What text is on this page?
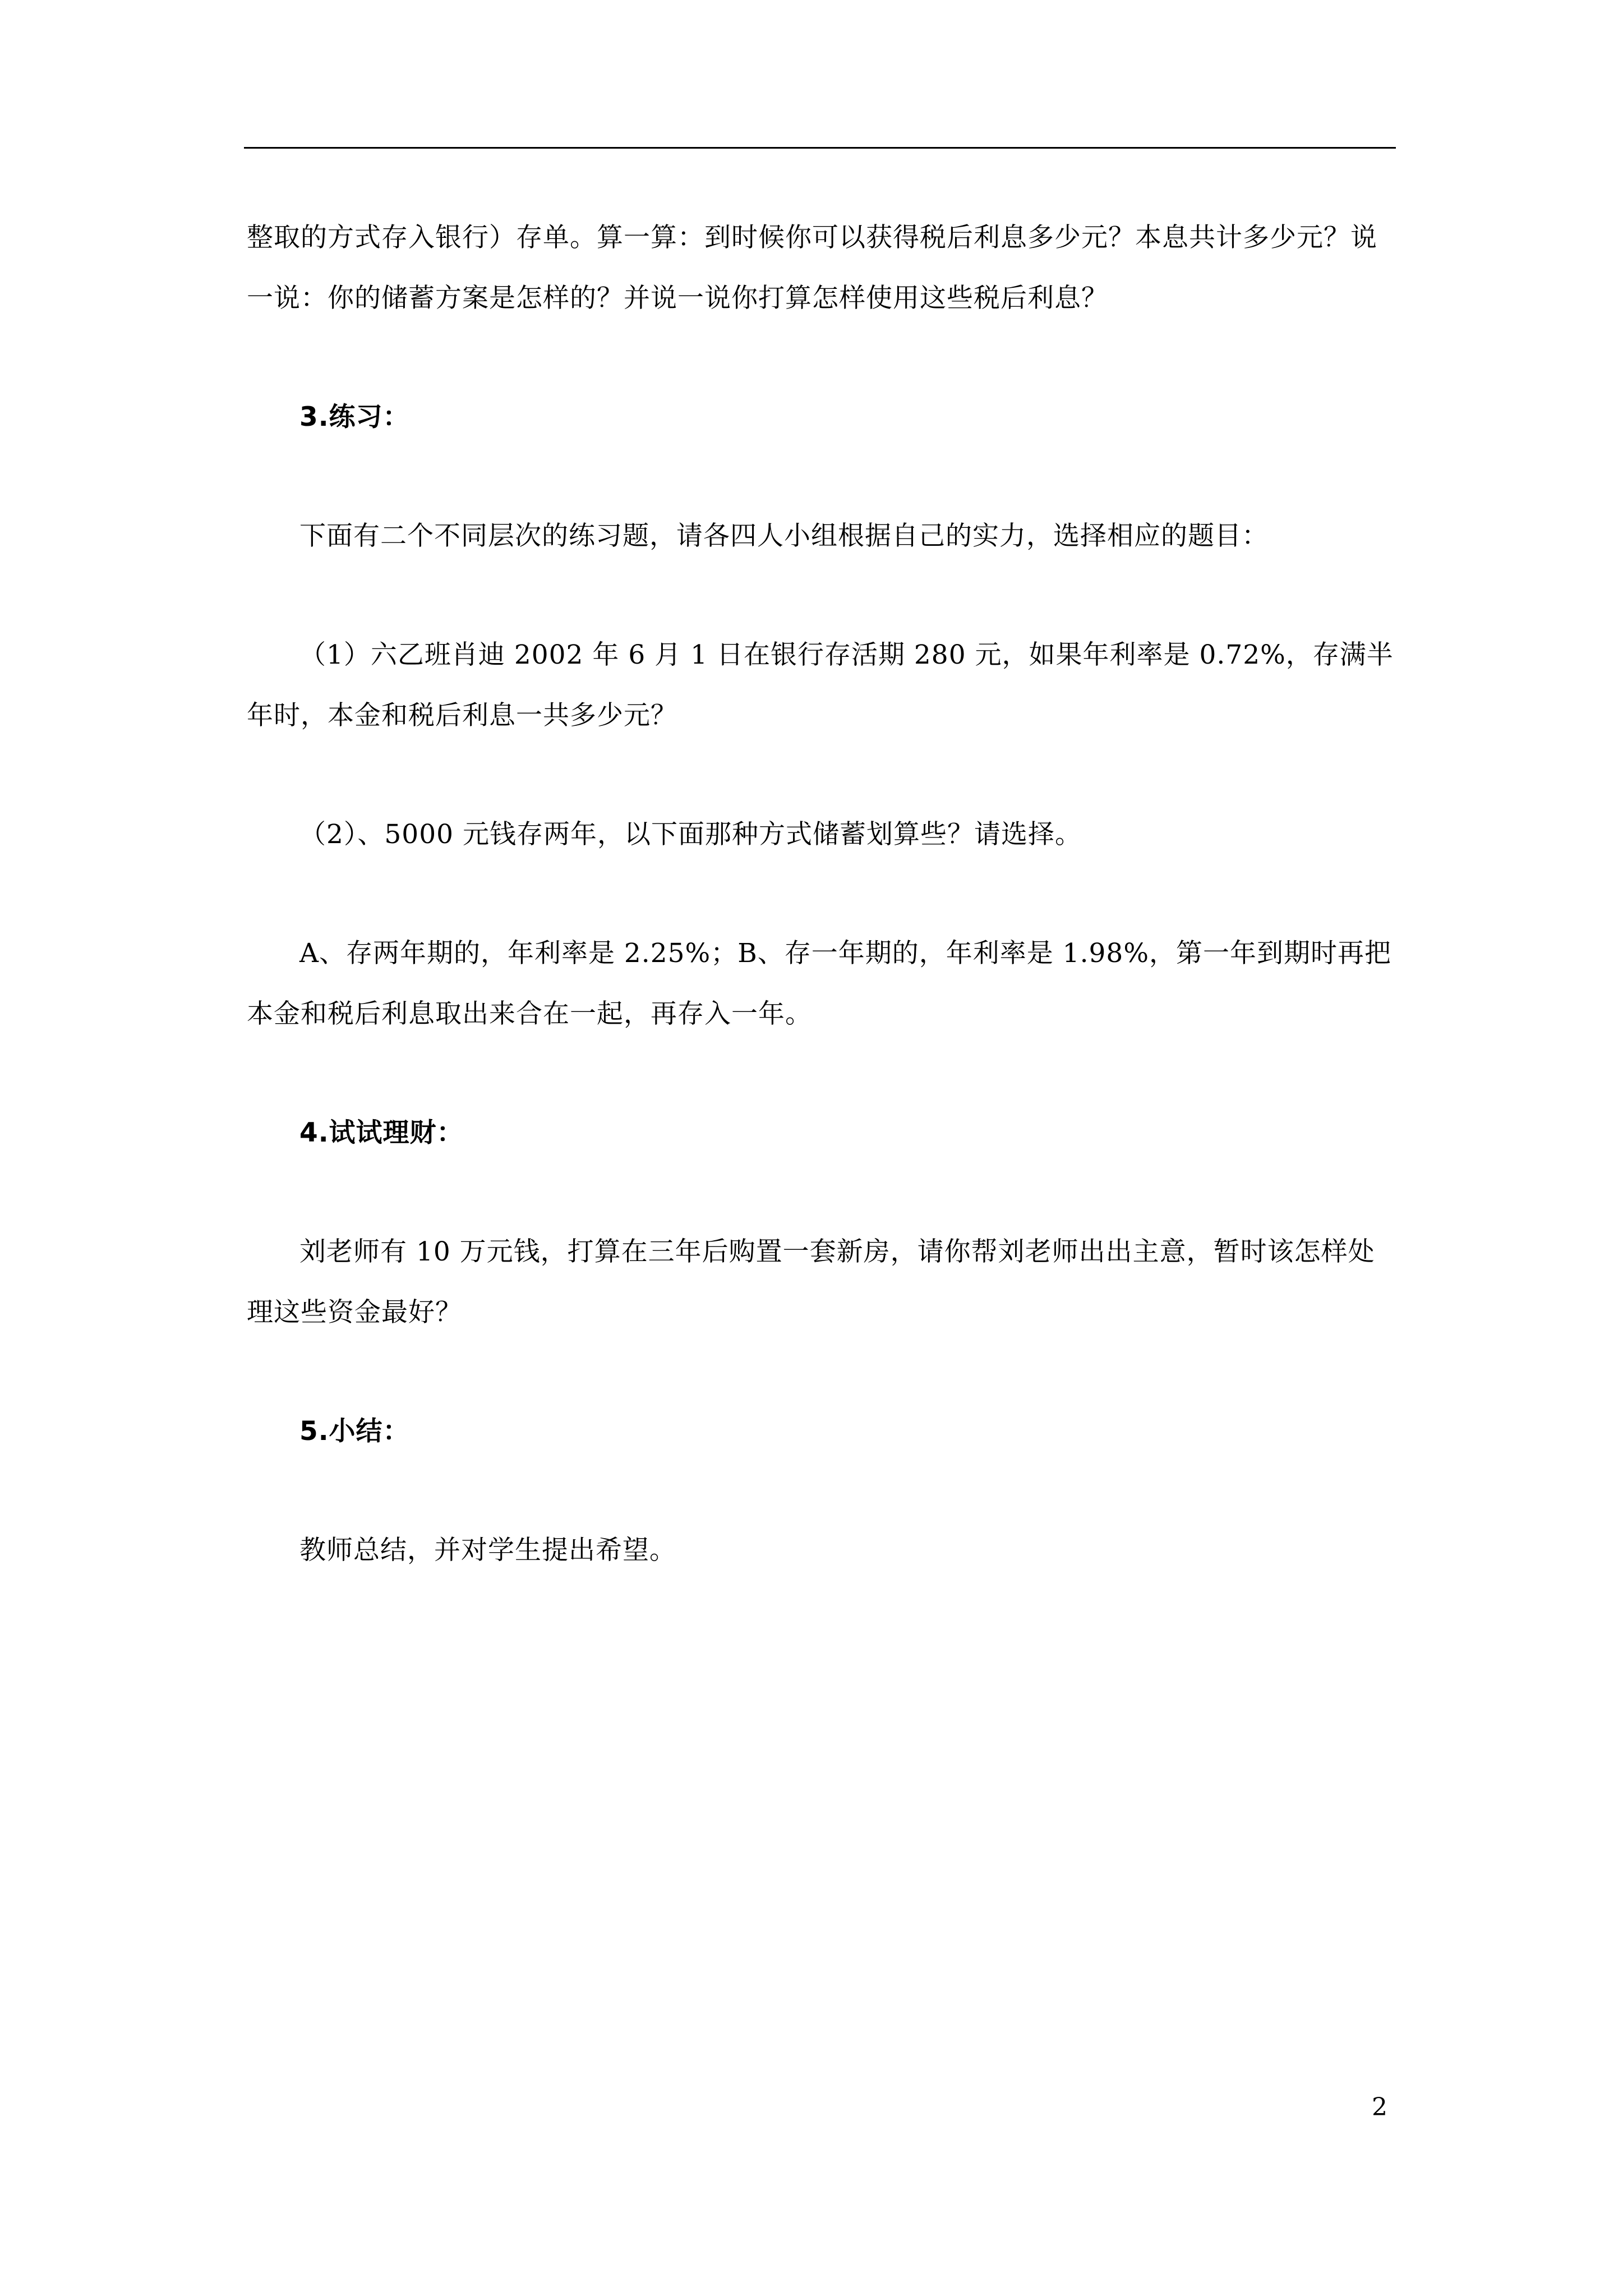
整取的方式存入银行）存单。算一算：到时候你可以获得税后利息多少元？本息共计多少元？说一说：你的储蓄方案是怎样的？并说一说你打算怎样使用这些税后利息？

3.练习：

下面有二个不同层次的练习题，请各四人小组根据自己的实力，选择相应的题目：

（1）六乙班肖迪 2002 年 6 月 1 日在银行存活期 280 元，如果年利率是 0.72%，存满半年时，本金和税后利息一共多少元？

（2）、5000 元钱存两年，以下面那种方式储蓄划算些？请选择。

A、存两年期的，年利率是 2.25%；B、存一年期的，年利率是 1.98%，第一年到期时再把本金和税后利息取出来合在一起，再存入一年。

4.试试理财：

刘老师有 10 万元钱，打算在三年后购置一套新房，请你帮刘老师出出主意，暂时该怎样处理这些资金最好？

5.小结：

教师总结，并对学生提出希望。

2
